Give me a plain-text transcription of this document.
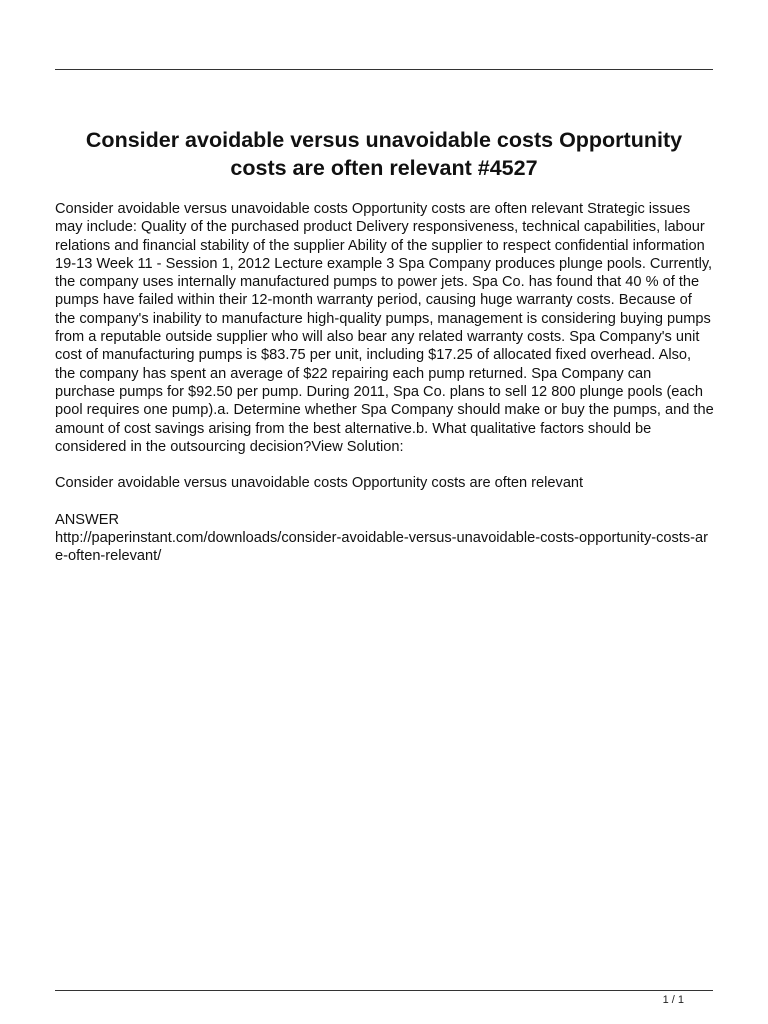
Consider avoidable versus unavoidable costs Opportunity costs are often relevant #4527

Consider avoidable versus unavoidable costs Opportunity costs are often relevant Strategic issues may include: Quality of the purchased product Delivery responsiveness, technical capabilities, labour relations and financial stability of the supplier Ability of the supplier to respect confidential information 19-13 Week 11 - Session 1, 2012 Lecture example 3 Spa Company produces plunge pools. Currently, the company uses internally manufactured pumps to power jets. Spa Co. has found that 40 % of the pumps have failed within their 12-month warranty period, causing huge warranty costs. Because of the company's inability to manufacture high-quality pumps, management is considering buying pumps from a reputable outside supplier who will also bear any related warranty costs. Spa Company's unit cost of manufacturing pumps is $83.75 per unit, including $17.25 of allocated fixed overhead. Also, the company has spent an average of $22 repairing each pump returned. Spa Company can purchase pumps for $92.50 per pump. During 2011, Spa Co. plans to sell 12 800 plunge pools (each pool requires one pump).a. Determine whether Spa Company should make or buy the pumps, and the amount of cost savings arising from the best alternative.b. What qualitative factors should be considered in the outsourcing decision?View Solution:

Consider avoidable versus unavoidable costs Opportunity costs are often relevant

ANSWER

http://paperinstant.com/downloads/consider-avoidable-versus-unavoidable-costs-opportunity-costs-are-often-relevant/

1 / 1
